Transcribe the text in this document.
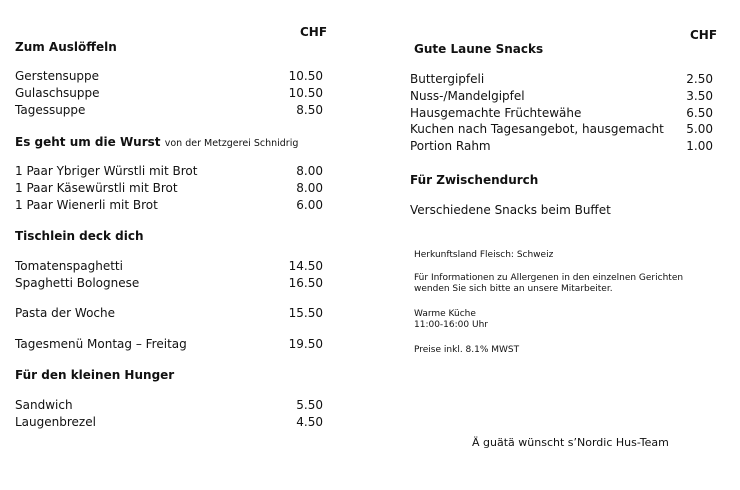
CHF
Zum Auslöffeln
Gerstensuppe	10.50
Gulaschsuppe	10.50
Tagessuppe	8.50
Es geht um die Wurst von der Metzgerei Schnidrig
1 Paar Ybriger Würstli mit Brot	8.00
1 Paar Käsewürstli mit Brot	8.00
1 Paar Wienerli mit Brot	6.00
Tischlein deck dich
Tomatenspaghetti	14.50
Spaghetti Bolognese	16.50
Pasta der Woche	15.50
Tagesmenü Montag – Freitag	19.50
Für den kleinen Hunger
Sandwich	5.50
Laugenbrezel	4.50
CHF
Gute Laune Snacks
Buttergipfeli	2.50
Nuss-/Mandelgipfel	3.50
Hausgemachte Früchtewähe	6.50
Kuchen nach Tagesangebot, hausgemacht	5.00
Portion Rahm	1.00
Für Zwischendurch
Verschiedene Snacks beim Buffet
Herkunftsland Fleisch: Schweiz
Für Informationen zu Allergenen in den einzelnen Gerichten
wenden Sie sich bitte an unsere Mitarbeiter.
Warme Küche
11:00-16:00 Uhr
Preise inkl. 8.1% MWST
Ä guätä wünscht s’Nordic Hus-Team
